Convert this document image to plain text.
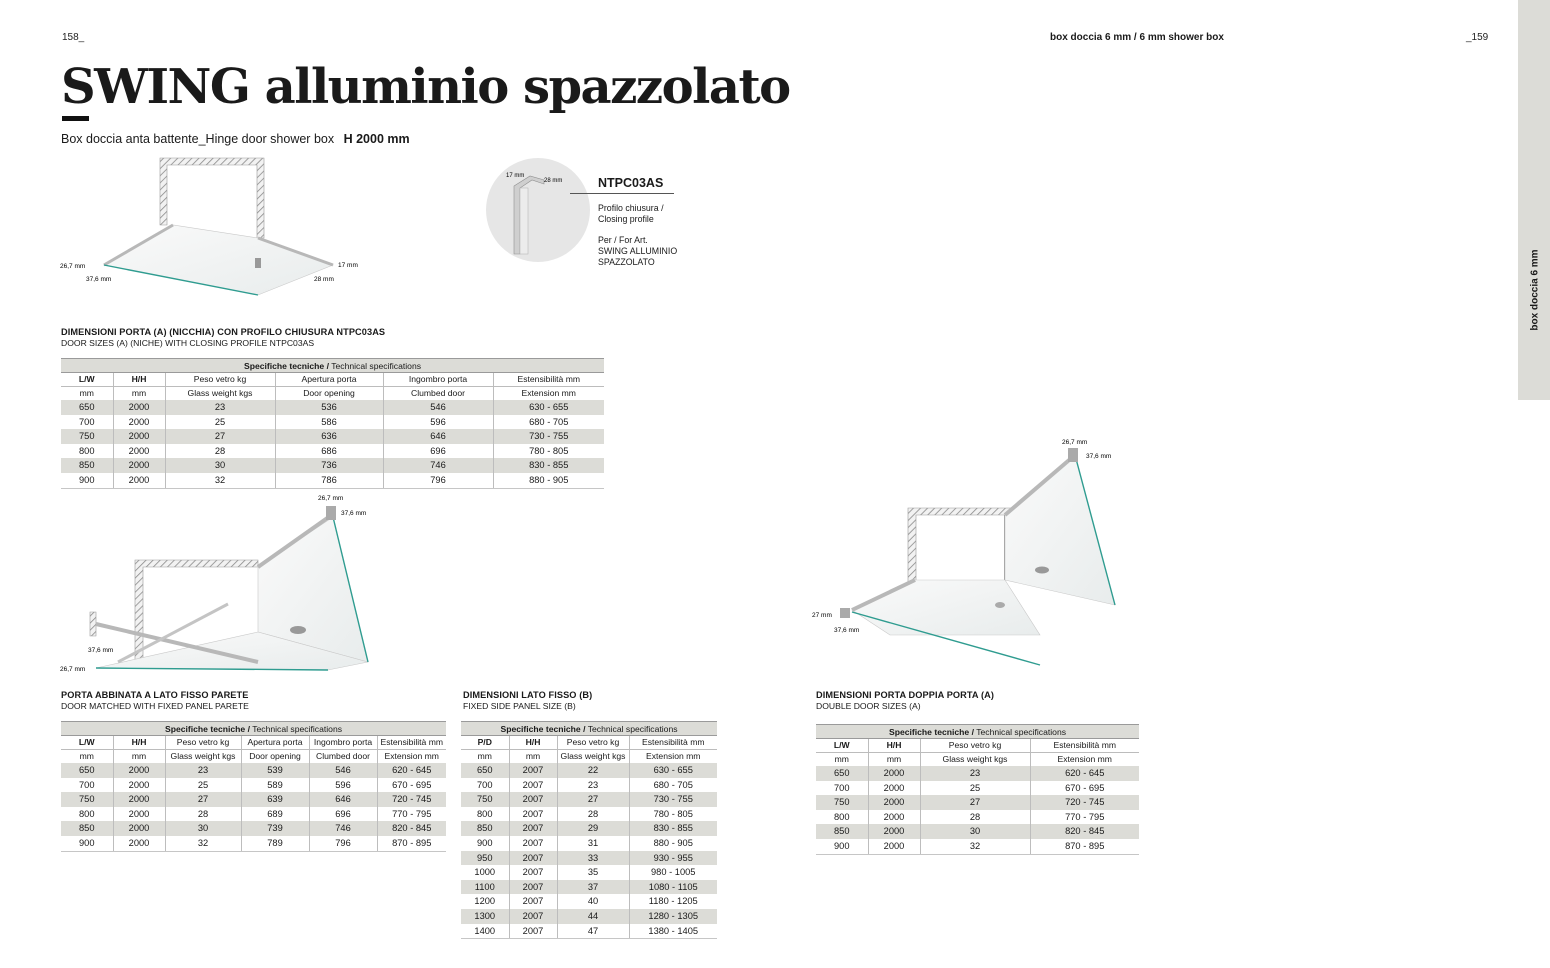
158_	box doccia 6 mm / 6 mm shower box	_159
box doccia 6 mm
SWING alluminio spazzolato
Box doccia anta battente_Hinge door shower box H 2000 mm
26,7 mm
37,6 mm
17 mm
28 mm
17 mm
28 mm	NTPC03AS
Profilo chiusura /
Closing profile
Per / For Art.
SWING ALLUMINIO
SPAZZOLATO
DIMENSIONI PORTA (A) (NICCHIA) CON PROFILO CHIUSURA NTPC03AS
DOOR SIZES (A) (NICHE) WITH CLOSING PROFILE NTPC03AS
Specifiche tecniche / Technical specifications
L/W	H/H	Peso vetro kg	Apertura porta	Ingombro porta	Estensibilità mm
mm	mm	Glass weight kgs	Door opening	Clumbed door	Extension mm
650	2000	23	536	546	630 - 655
700	2000	25	586	596	680 - 705
750	2000	27	636	646	730 - 755
800	2000	28	686	696	780 - 805
850	2000	30	736	746	830 - 855
900	2000	32	786	796	880 - 905
26,7 mm
37,6 mm
37,6 mm
26,7 mm
26,7 mm
37,6 mm
27 mm
37,6 mm
PORTA ABBINATA A LATO FISSO PARETE
DOOR MATCHED WITH FIXED PANEL PARETE
Specifiche tecniche / Technical specifications
L/W	H/H	Peso vetro kg	Apertura porta	Ingombro porta	Estensibilità mm
mm	mm	Glass weight kgs	Door opening	Clumbed door	Extension mm
650	2000	23	539	546	620 - 645
700	2000	25	589	596	670 - 695
750	2000	27	639	646	720 - 745
800	2000	28	689	696	770 - 795
850	2000	30	739	746	820 - 845
900	2000	32	789	796	870 - 895
DIMENSIONI LATO FISSO (B)
FIXED SIDE PANEL SIZE (B)
Specifiche tecniche / Technical specifications
P/D	H/H	Peso vetro kg	Estensibilità mm
mm	mm	Glass weight kgs	Extension mm
650	2007	22	630 - 655
700	2007	23	680 - 705
750	2007	27	730 - 755
800	2007	28	780 - 805
850	2007	29	830 - 855
900	2007	31	880 - 905
950	2007	33	930 - 955
1000	2007	35	980 - 1005
1100	2007	37	1080 - 1105
1200	2007	40	1180 - 1205
1300	2007	44	1280 - 1305
1400	2007	47	1380 - 1405
DIMENSIONI PORTA DOPPIA PORTA (A)
DOUBLE DOOR SIZES (A)
Specifiche tecniche / Technical specifications
L/W	H/H	Peso vetro kg	Estensibilità mm
mm	mm	Glass weight kgs	Extension mm
650	2000	23	620 - 645
700	2000	25	670 - 695
750	2000	27	720 - 745
800	2000	28	770 - 795
850	2000	30	820 - 845
900	2000	32	870 - 895
